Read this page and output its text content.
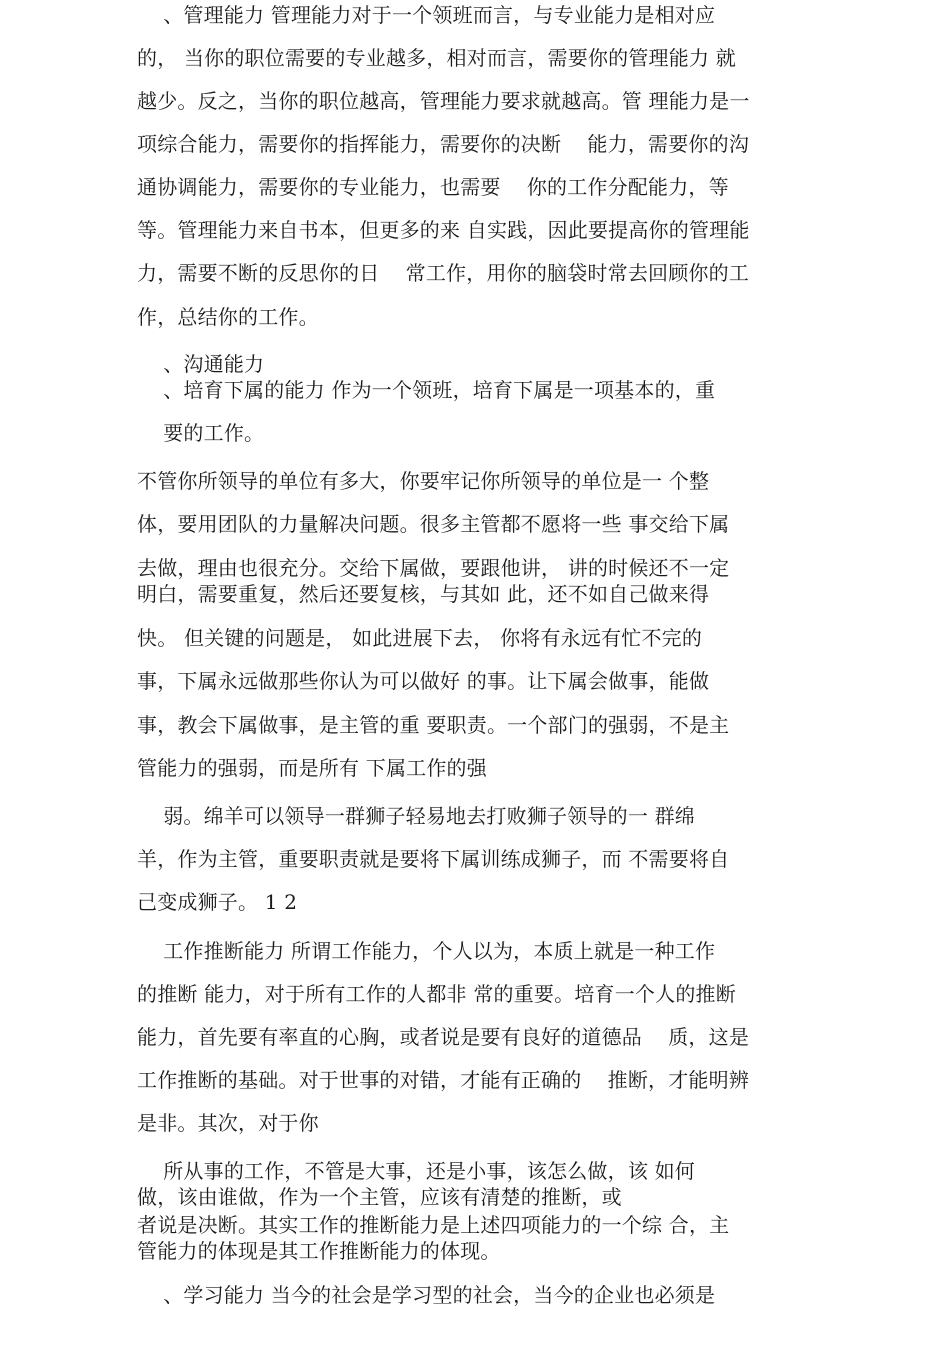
、管理能力 管理能力对于一个领班而言，与专业能力是相对应
的， 当你的职位需要的专业越多，相对而言，需要你的管理能力 就
越少。反之，当你的职位越高，管理能力要求就越高。管 理能力是一
项综合能力，需要你的指挥能力，需要你的决断    能力，需要你的沟
通协调能力，需要你的专业能力，也需要    你的工作分配能力，等
等。管理能力来自书本，但更多的来 自实践，因此要提高你的管理能
力，需要不断的反思你的日    常工作，用你的脑袋时常去回顾你的工
作，总结你的工作。
、沟通能力
、培育下属的能力 作为一个领班，培育下属是一项基本的，重
要的工作。
不管你所领导的单位有多大，你要牢记你所领导的单位是一 个整
体，要用团队的力量解决问题。很多主管都不愿将一些 事交给下属
去做，理由也很充分。交给下属做，要跟他讲， 讲的时候还不一定
明白，需要重复，然后还要复核，与其如 此，还不如自己做来得
快。 但关键的问题是， 如此进展下去， 你将有永远有忙不完的
事，下属永远做那些你认为可以做好 的事。让下属会做事，能做
事，教会下属做事，是主管的重 要职责。一个部门的强弱，不是主
管能力的强弱，而是所有 下属工作的强
弱。绵羊可以领导一群狮子轻易地去打败狮子领导的一 群绵
羊，作为主管，重要职责就是要将下属训练成狮子，而 不需要将自
己变成狮子。 1 2
工作推断能力 所谓工作能力，个人以为，本质上就是一种工作
的推断 能力，对于所有工作的人都非 常的重要。培育一个人的推断
能力，首先要有率直的心胸，或者说是要有良好的道德品    质，这是
工作推断的基础。对于世事的对错，才能有正确的    推断，才能明辨
是非。其次，对于你
所从事的工作，不管是大事，还是小事，该怎么做，该 如何
做，该由谁做，作为一个主管，应该有清楚的推断，或
者说是决断。其实工作的推断能力是上述四项能力的一个综 合，主
管能力的体现是其工作推断能力的体现。
、学习能力 当今的社会是学习型的社会，当今的企业也必须是
